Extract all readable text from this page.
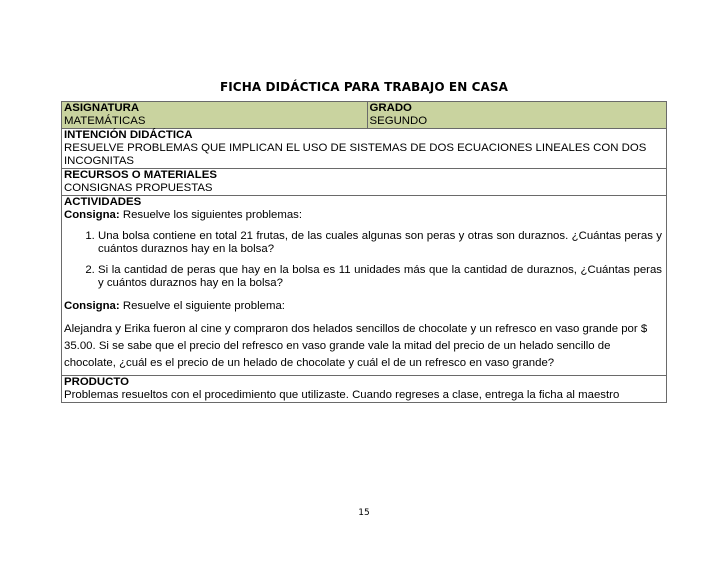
FICHA DIDÁCTICA PARA TRABAJO EN CASA
ASIGNATURA
MATEMÁTICAS

GRADO
SEGUNDO

INTENCIÓN DIDÁCTICA
RESUELVE PROBLEMAS QUE IMPLICAN EL USO DE SISTEMAS DE DOS ECUACIONES LINEALES CON DOS INCOGNITAS

RECURSOS O MATERIALES
CONSIGNAS PROPUESTAS

ACTIVIDADES
Consigna: Resuelve los siguientes problemas:
1. Una bolsa contiene en total 21 frutas, de las cuales algunas son peras y otras son duraznos. ¿Cuántas peras y cuántos duraznos hay en la bolsa?
2. Si la cantidad de peras que hay en la bolsa es 11 unidades más que la cantidad de duraznos, ¿Cuántas peras y cuántos duraznos hay en la bolsa?
Consigna: Resuelve el siguiente problema:
Alejandra y Erika fueron al cine y compraron dos helados sencillos de chocolate y un refresco en vaso grande por $ 35.00. Si se sabe que el precio del refresco en vaso grande vale la mitad del precio de un helado sencillo de chocolate, ¿cuál es el precio de un helado de chocolate y cuál el de un refresco en vaso grande?

PRODUCTO
Problemas resueltos con el procedimiento que utilizaste. Cuando regreses a clase, entrega la ficha al maestro
15
